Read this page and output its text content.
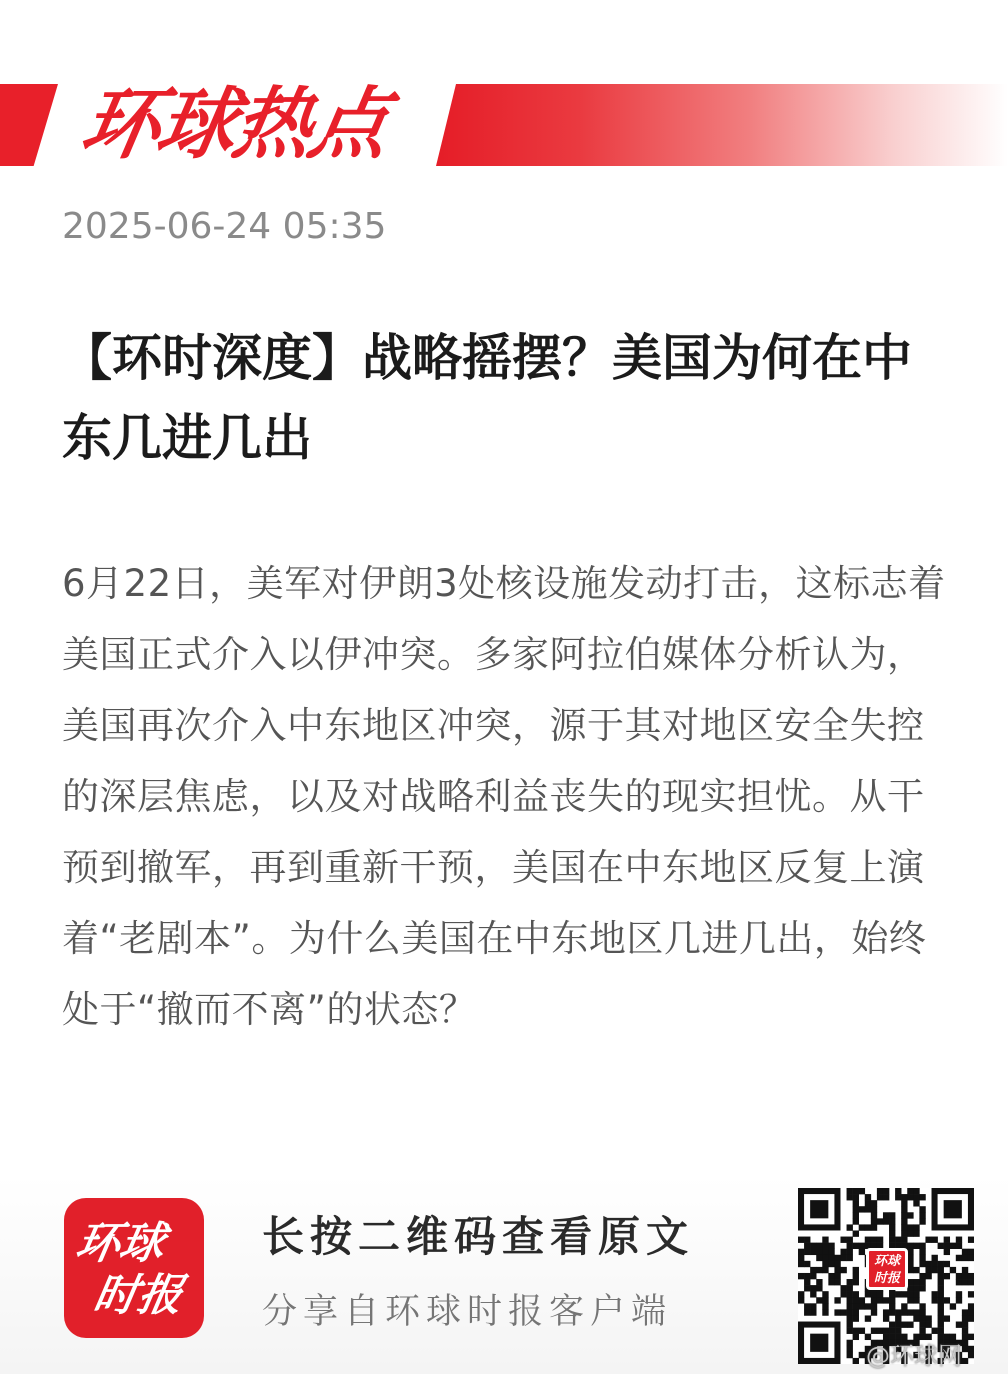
环球热点
2025-06-24 05:35
【环时深度】战略摇摆？美国为何在中东几进几出

6月22日，美军对伊朗3处核设施发动打击，这标志着美国正式介入以伊冲突。多家阿拉伯媒体分析认为，美国再次介入中东地区冲突，源于其对地区安全失控的深层焦虑，以及对战略利益丧失的现实担忧。从干预到撤军，再到重新干预，美国在中东地区反复上演着“老剧本”。为什么美国在中东地区几进几出，始终处于“撤而不离”的状态？

环球
时报
长按二维码查看原文
分享自环球时报客户端
环球时报
@环球网
